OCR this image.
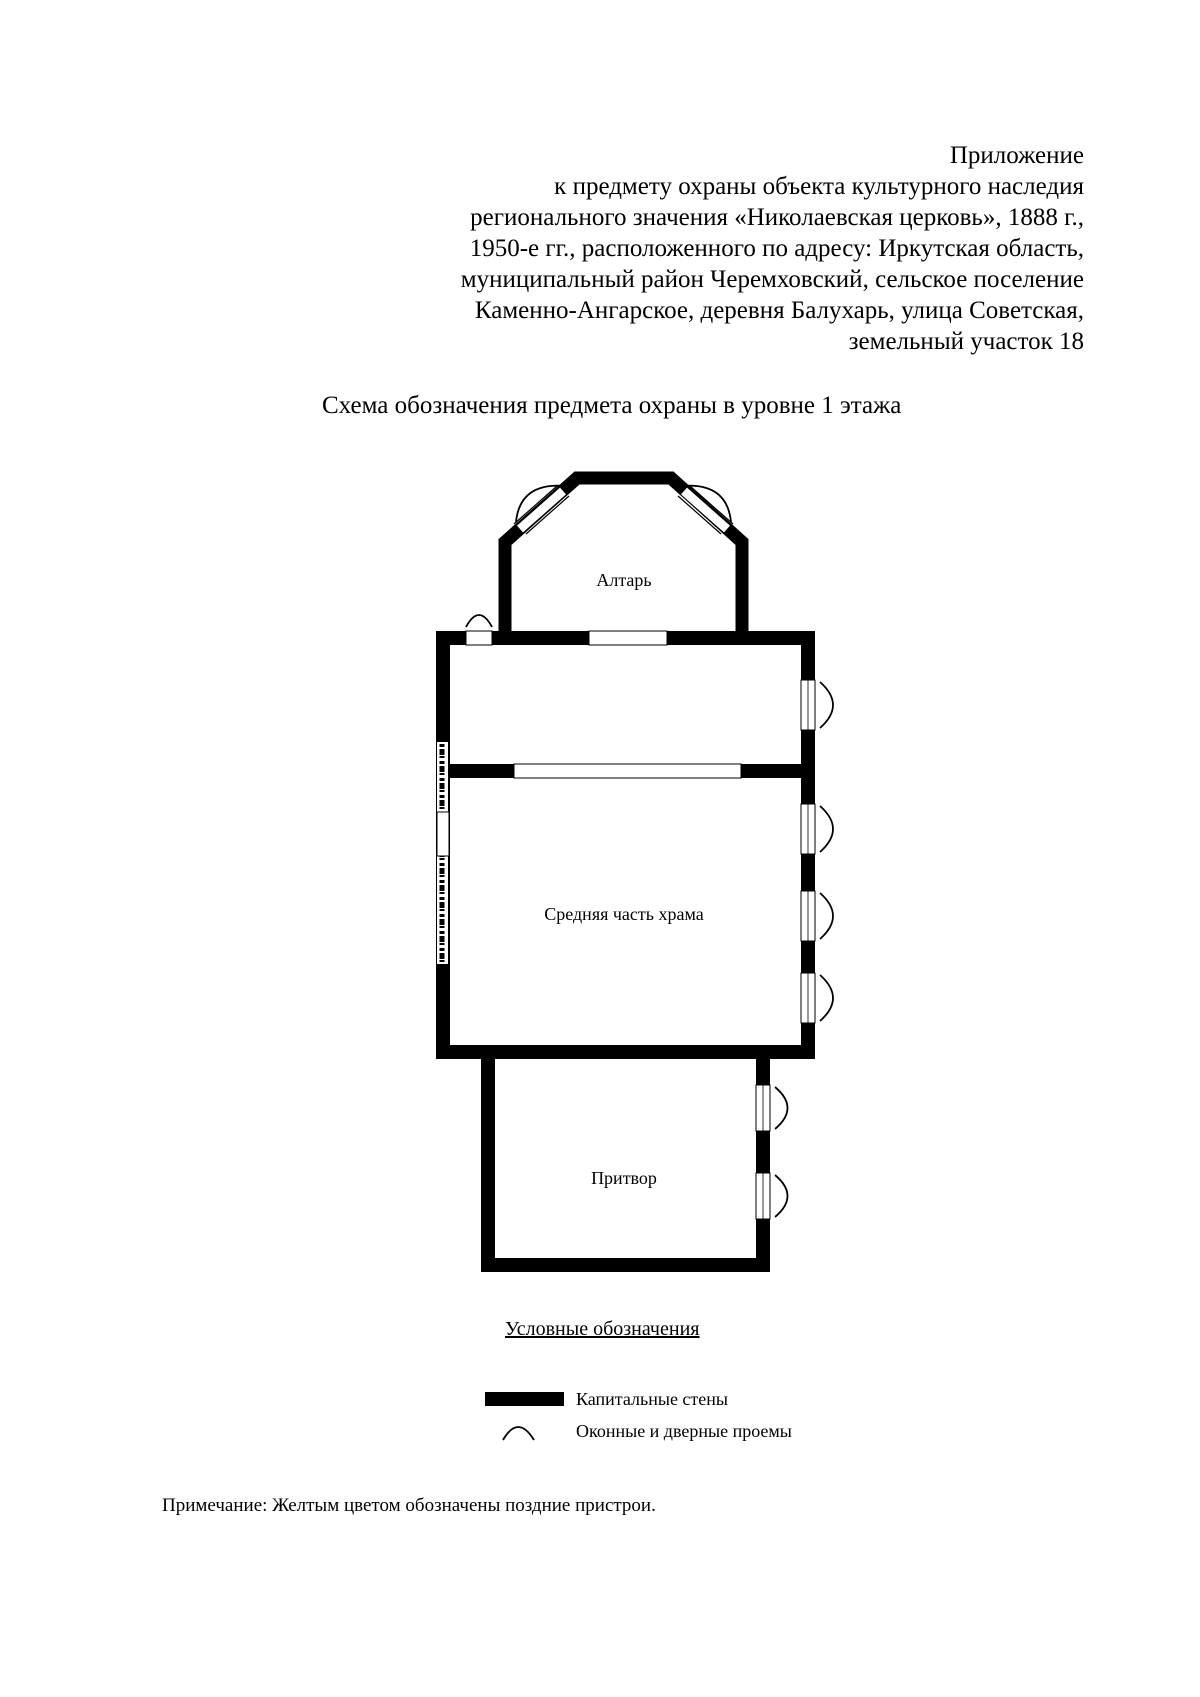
Приложение
к предмету охраны объекта культурного наследия
регионального значения «Николаевская церковь», 1888 г.,
1950-е гг., расположенного по адресу: Иркутская область,
муниципальный район Черемховский, сельское поселение
Каменно-Ангарское, деревня Балухарь, улица Советская,
земельный участок 18
Схема обозначения предмета охраны в уровне 1 этажа
Алтарь
Средняя часть храма
Притвор
Условные обозначения
Капитальные стены
Оконные и дверные проемы
Примечание: Желтым цветом обозначены поздние пристрои.
